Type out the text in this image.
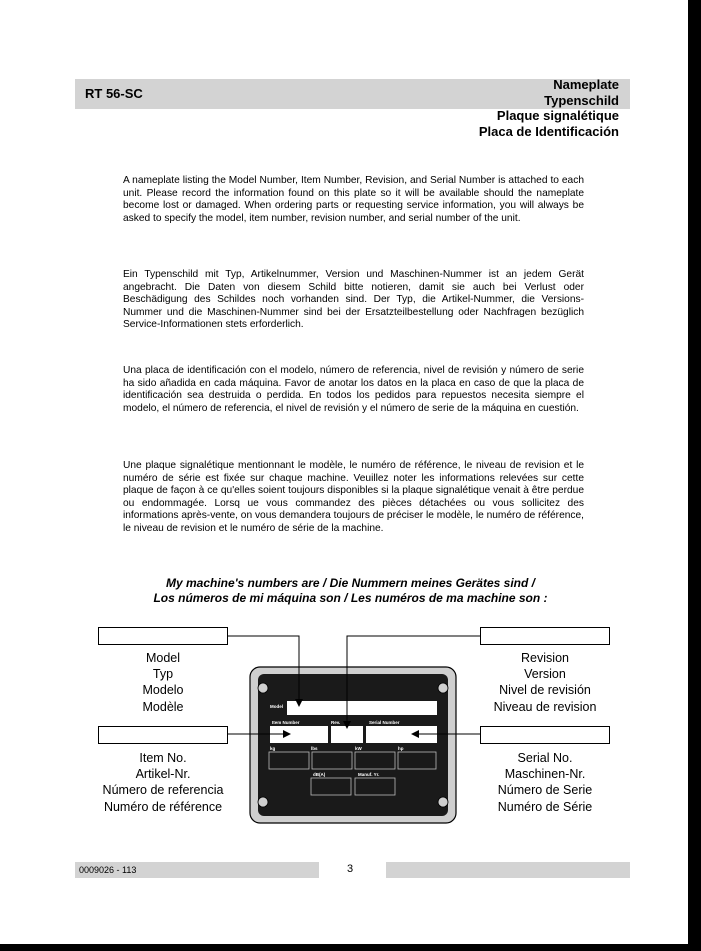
RT 56-SC
Nameplate
Typenschild
Plaque signalétique
Placa de Identificación

A nameplate listing the Model Number, Item Number, Revision, and Serial Number is attached to each unit. Please record the information found on this plate so it will be available should the nameplate become lost or damaged. When ordering parts or requesting service information, you will always be asked to specify the model, item number, revision number, and serial number of the unit.

Ein Typenschild mit Typ, Artikelnummer, Version und Maschinen-Nummer ist an jedem Gerät angebracht. Die Daten von diesem Schild bitte notieren, damit sie auch bei Verlust oder Beschädigung des Schildes noch vorhanden sind. Der Typ, die Artikel-Nummer, die Versions- Nummer und die Maschinen-Nummer sind bei der Ersatzteilbestellung oder Nachfragen bezüglich Service-Informationen stets erforderlich.

Una placa de identificación con el modelo, número de referencia, nivel de revisión y número de serie ha sido añadida en cada máquina. Favor de anotar los datos en la placa en caso de que la placa de identificación sea destruida o perdida. En todos los pedidos para repuestos necesita siempre el modelo, el número de referencia, el nivel de revisión y el número de serie de la máquina en cuestión.

Une plaque signalétique mentionnant le modèle, le numéro de référence, le niveau de revision et le numéro de série est fixée sur chaque machine. Veuillez noter les informations relevées sur cette plaque de façon à ce qu'elles soient toujours disponibles si la plaque signalétique venait à être perdue ou endommagée. Lorsq ue vous commandez des pièces détachées ou vous sollicitez des informations après-vente, on vous demandera toujours de préciser le modèle, le numéro de référence, le niveau de revision et le numéro de série de la machine.

My machine's numbers are / Die Nummern meines Gerätes sind /
Los números de mi máquina son / Les numéros de ma machine son :
Model
Typ
Modelo
Modèle
Revision
Version
Nivel de revisión
Niveau de revision
Item No.
Artikel-Nr.
Número de referencia
Numéro de référence
Serial No.
Maschinen-Nr.
Número de Serie
Numéro de Série
Model
Item Number	Rev.	Serial Number
kg	lbs	kW	hp
dB(A)	Manuf. Yr.
0009026 - 113	3
